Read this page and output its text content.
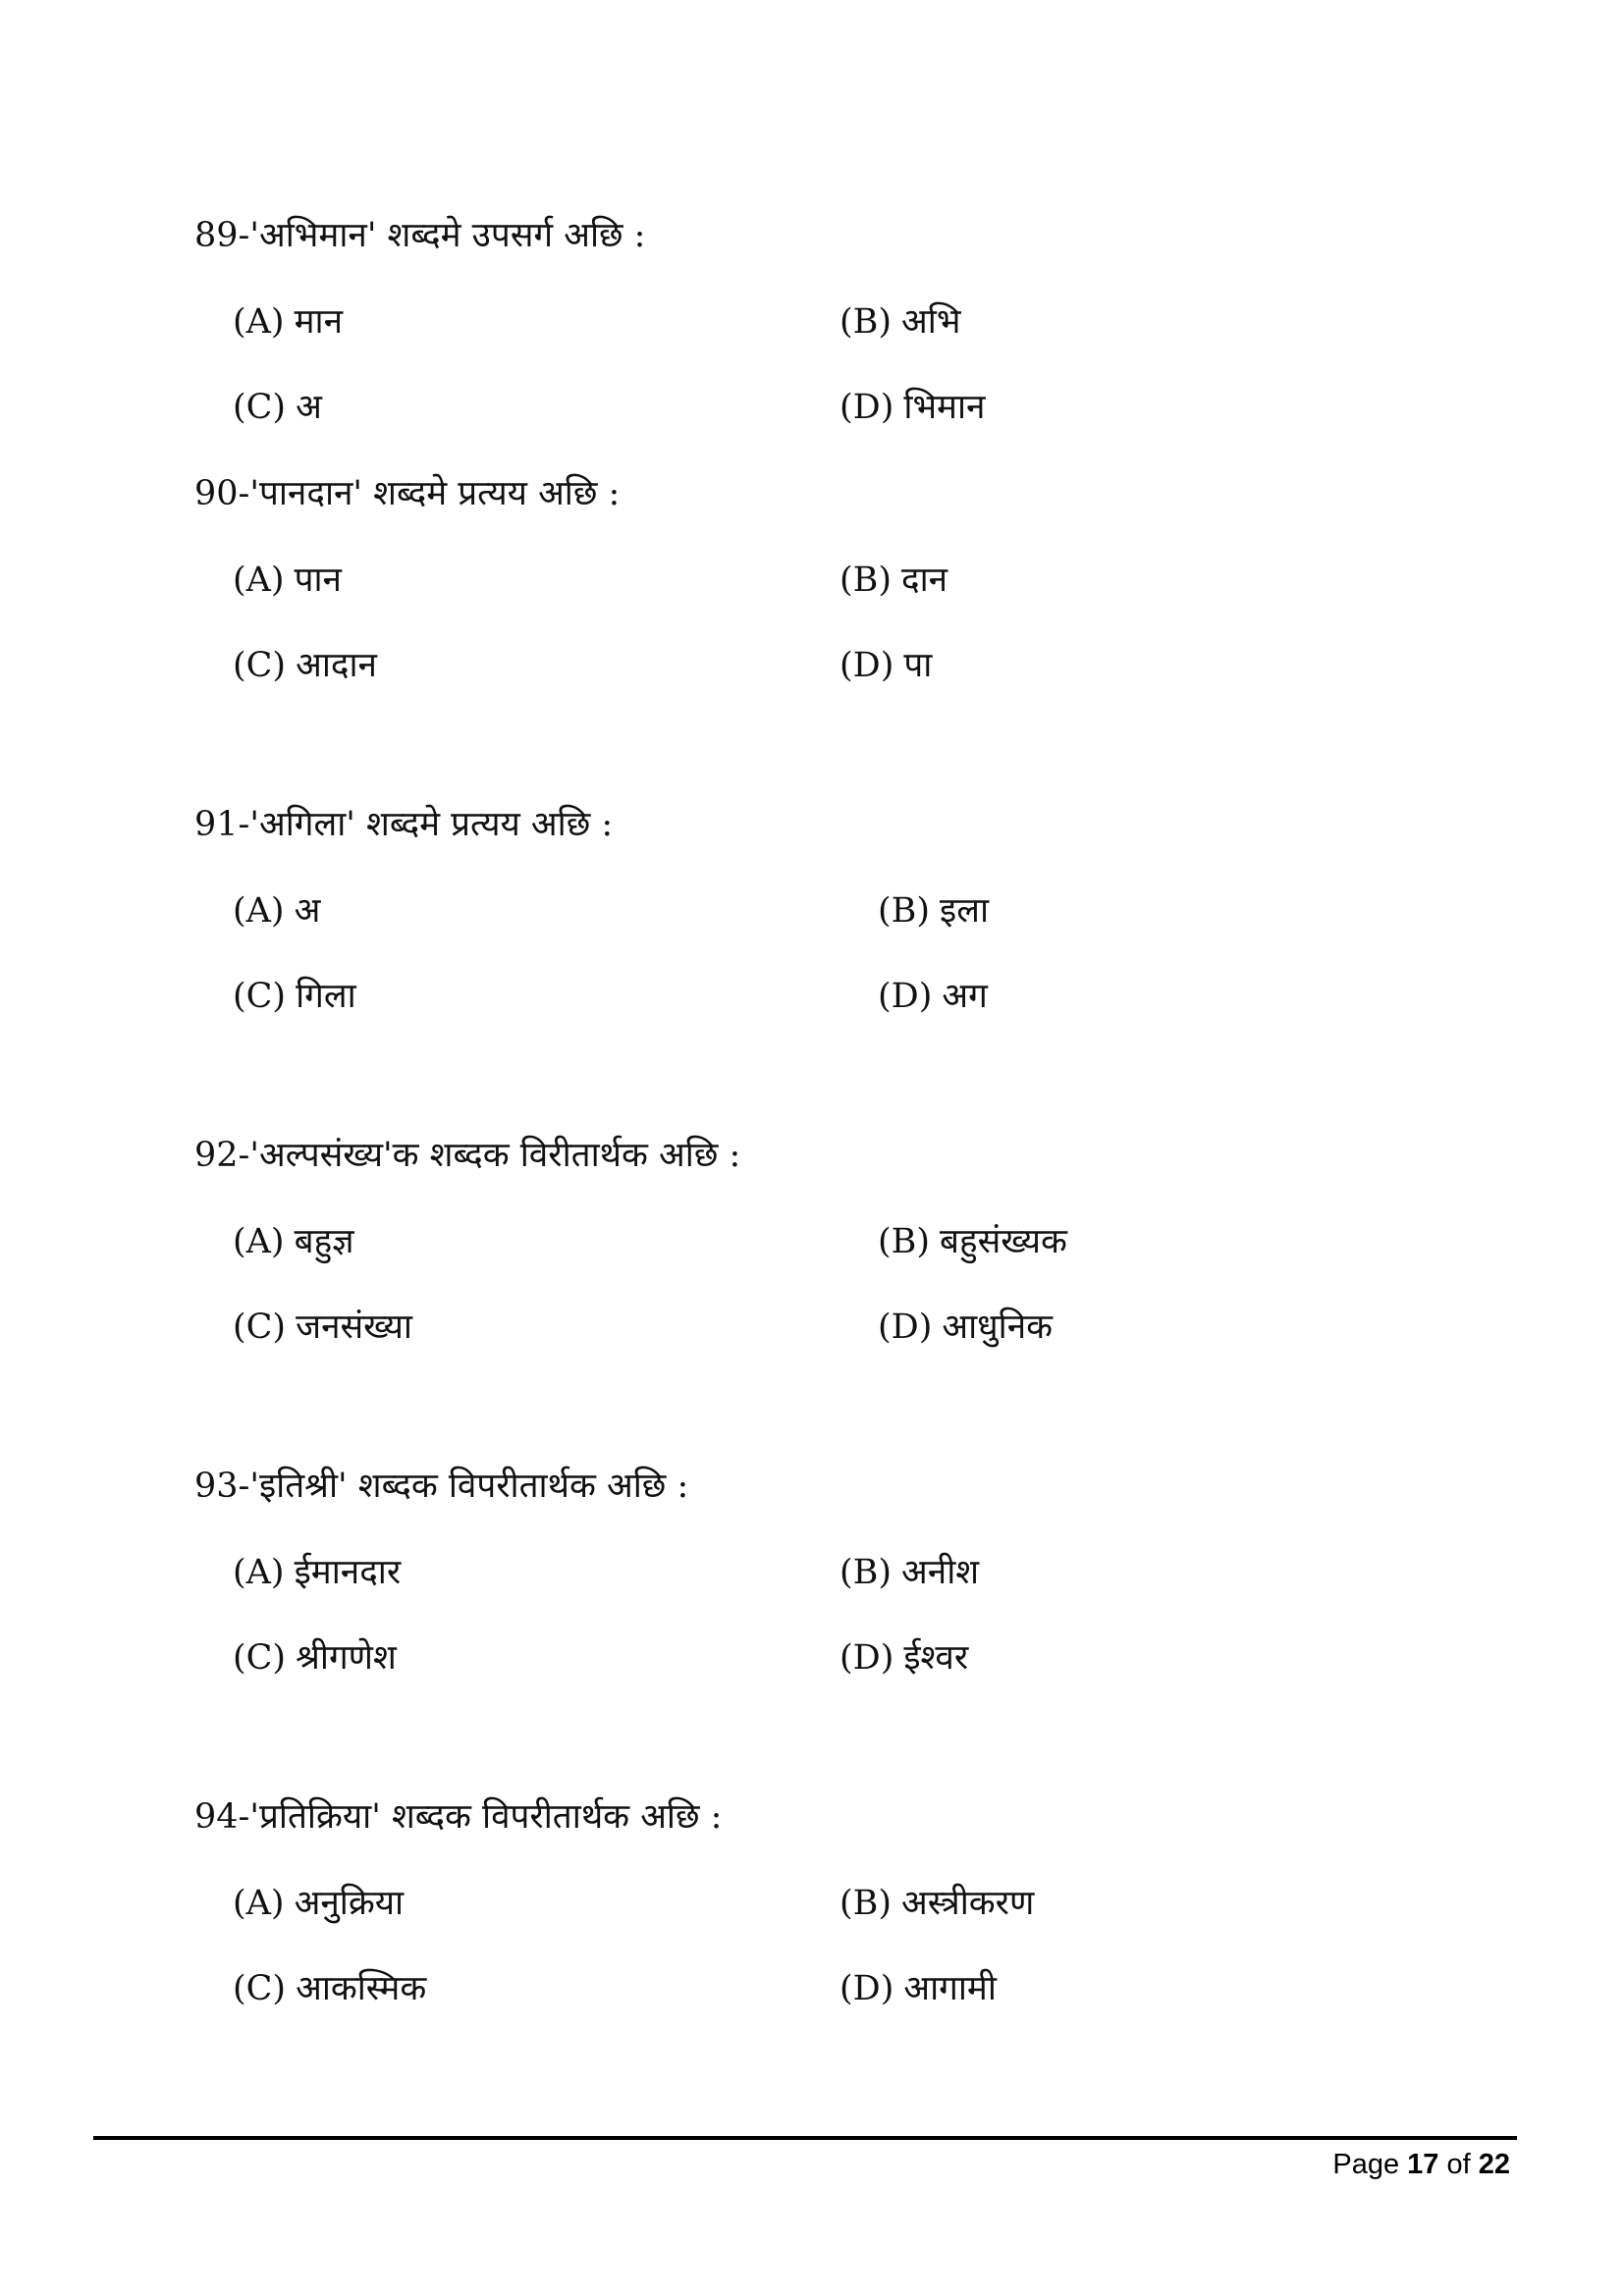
89-'अभिमान' शब्दमे उपसर्ग अछि :
(A) मान	(B) अभि
(C) अ	(D) भिमान
90-'पानदान' शब्दमे प्रत्यय अछि :
(A) पान	(B) दान
(C) आदान	(D) पा
91-'अगिला' शब्दमे प्रत्यय अछि :
(A) अ	(B) इला
(C) गिला	(D) अग
92-'अल्पसंख्य'क शब्दक विरीतार्थक अछि :
(A) बहुज्ञ	(B) बहुसंख्यक
(C) जनसंख्या	(D) आधुनिक
93-'इतिश्री' शब्दक विपरीतार्थक अछि :
(A) ईमानदार	(B) अनीश
(C) श्रीगणेश	(D) ईश्वर
94-'प्रतिक्रिया' शब्दक विपरीतार्थक अछि :
(A) अनुक्रिया	(B) अस्त्रीकरण
(C) आकस्मिक	(D) आगामी
Page 17 of 22
